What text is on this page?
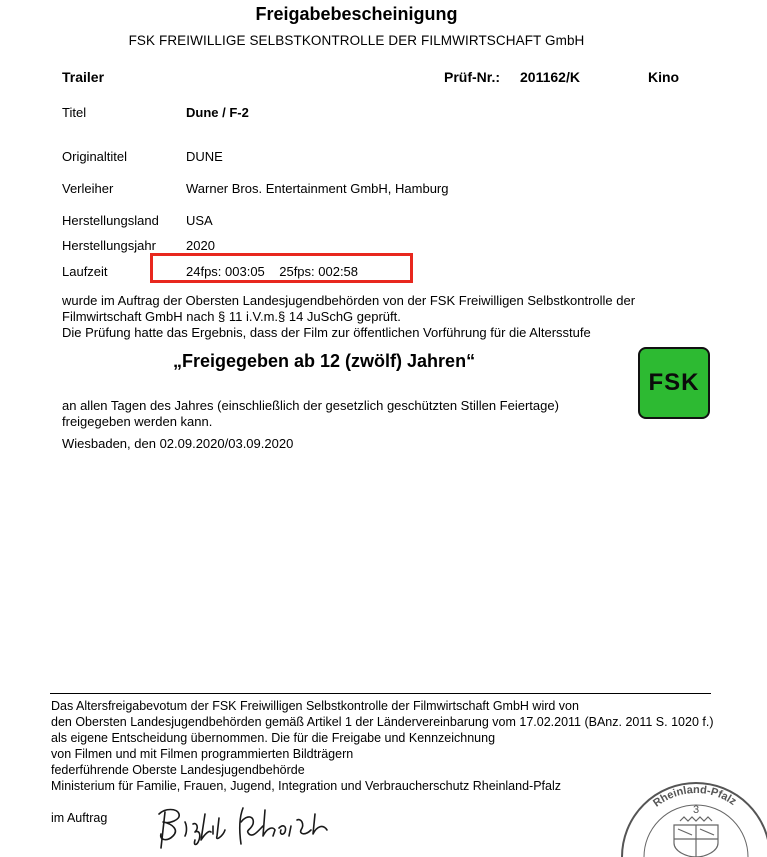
Freigabebescheinigung
FSK FREIWILLIGE SELBSTKONTROLLE DER FILMWIRTSCHAFT GmbH
Trailer	Prüf-Nr.: 201162/K	Kino
Titel	Dune / F-2
Originaltitel	DUNE
Verleiher	Warner Bros. Entertainment GmbH, Hamburg
Herstellungsland USA
Herstellungsjahr 2020
Laufzeit	24fps: 003:05    25fps: 002:58
wurde im Auftrag der Obersten Landesjugendbehörden von der FSK Freiwilligen Selbstkontrolle der
Filmwirtschaft GmbH nach § 11 i.V.m.§ 14 JuSchG geprüft.
Die Prüfung hatte das Ergebnis, dass der Film zur öffentlichen Vorführung für die Altersstufe
„Freigegeben ab 12 (zwölf) Jahren“
FSK
an allen Tagen des Jahres (einschließlich der gesetzlich geschützten Stillen Feiertage)
freigegeben werden kann.
Wiesbaden, den 02.09.2020/03.09.2020
Das Altersfreigabevotum der FSK Freiwilligen Selbstkontrolle der Filmwirtschaft GmbH wird von
den Obersten Landesjugendbehörden gemäß Artikel 1 der Ländervereinbarung vom 17.02.2011 (BAnz. 2011 S. 1020 f.)
als eigene Entscheidung übernommen. Die für die Freigabe und Kennzeichnung
von Filmen und mit Filmen programmierten Bildträgern
federführende Oberste Landesjugendbehörde
Ministerium für Familie, Frauen, Jugend, Integration und Verbraucherschutz Rheinland-Pfalz
im Auftrag
Rheinland-Pfalz
3
